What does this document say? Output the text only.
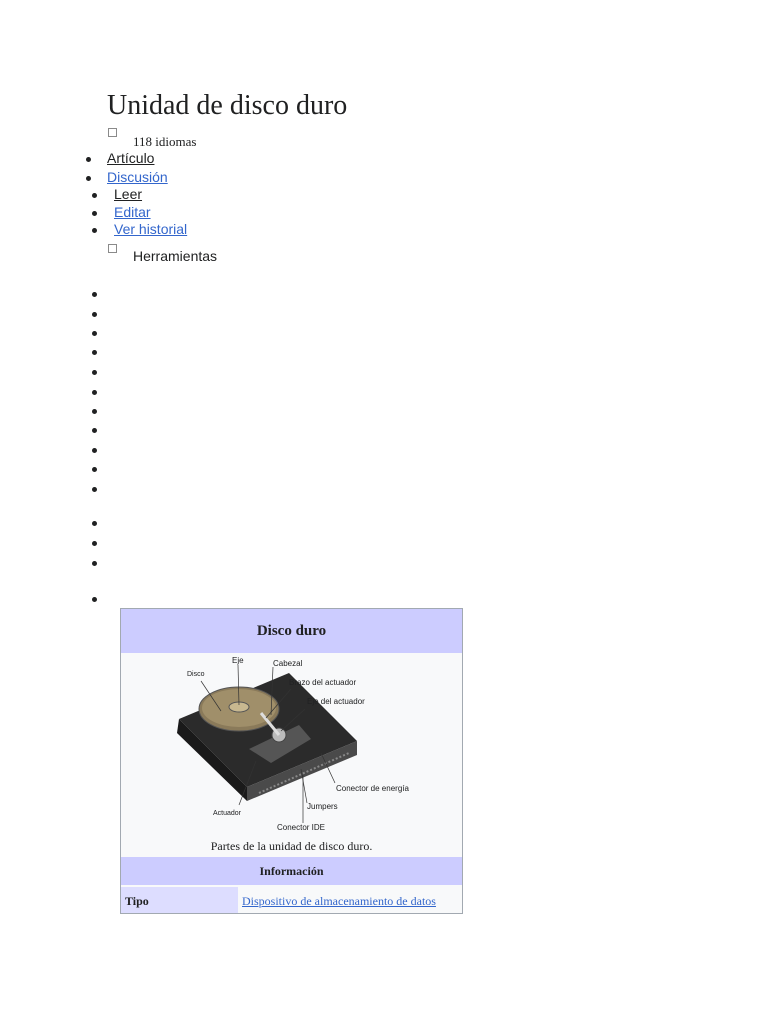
Unidad de disco duro
118 idiomas
Artículo
Discusión
Leer
Editar
Ver historial
Herramientas
Disco duro
Eje
Disco
Cabezal
Brazo del actuador
Eje del actuador
Conector de energía
Jumpers
Actuador
Conector IDE
Partes de la unidad de disco duro.
Información
Tipo	Dispositivo de almacenamiento de datos
